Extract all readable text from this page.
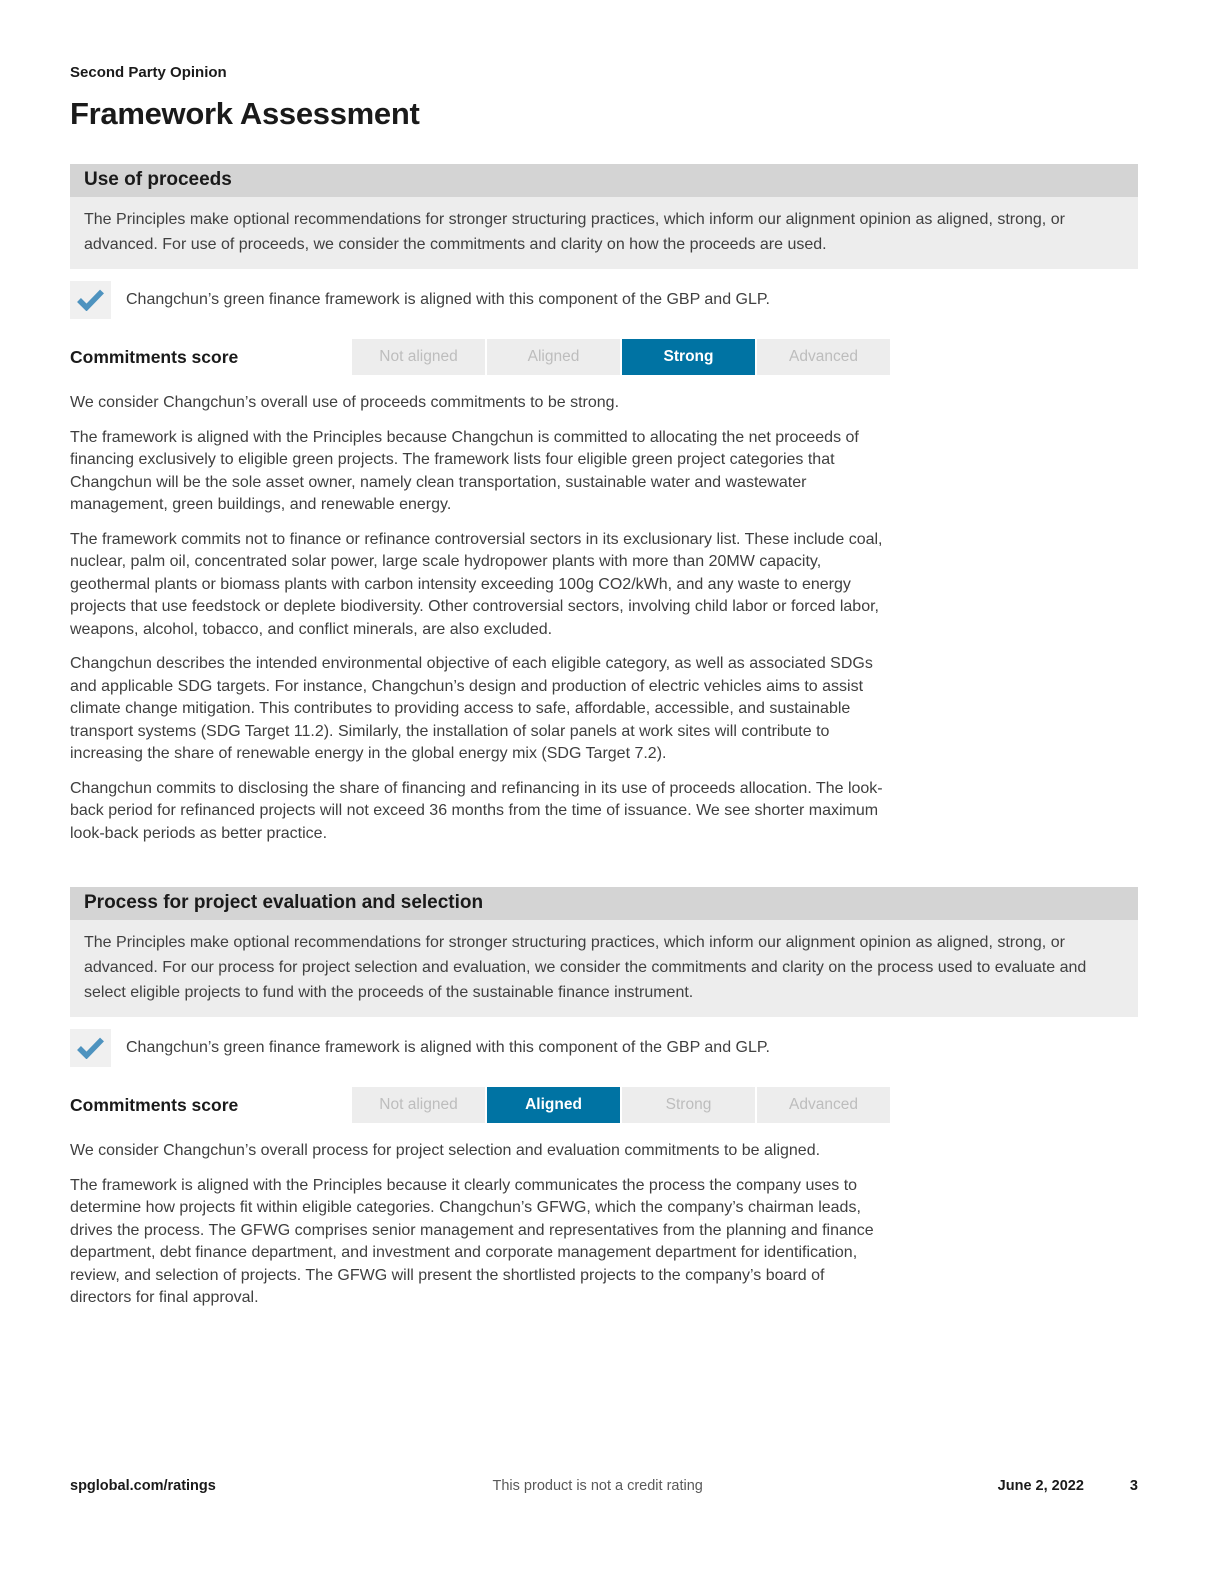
Second Party Opinion
Framework Assessment
Use of proceeds
The Principles make optional recommendations for stronger structuring practices, which inform our alignment opinion as aligned, strong, or advanced. For use of proceeds, we consider the commitments and clarity on how the proceeds are used.
Changchun’s green finance framework is aligned with this component of the GBP and GLP.
Commitments score	Not aligned	Aligned	Strong	Advanced

We consider Changchun’s overall use of proceeds commitments to be strong.

The framework is aligned with the Principles because Changchun is committed to allocating the net proceeds of financing exclusively to eligible green projects. The framework lists four eligible green project categories that Changchun will be the sole asset owner, namely clean transportation, sustainable water and wastewater management, green buildings, and renewable energy.

The framework commits not to finance or refinance controversial sectors in its exclusionary list. These include coal, nuclear, palm oil, concentrated solar power, large scale hydropower plants with more than 20MW capacity, geothermal plants or biomass plants with carbon intensity exceeding 100g CO2/kWh, and any waste to energy projects that use feedstock or deplete biodiversity. Other controversial sectors, involving child labor or forced labor, weapons, alcohol, tobacco, and conflict minerals, are also excluded.

Changchun describes the intended environmental objective of each eligible category, as well as associated SDGs and applicable SDG targets. For instance, Changchun’s design and production of electric vehicles aims to assist climate change mitigation. This contributes to providing access to safe, affordable, accessible, and sustainable transport systems (SDG Target 11.2). Similarly, the installation of solar panels at work sites will contribute to increasing the share of renewable energy in the global energy mix (SDG Target 7.2).

Changchun commits to disclosing the share of financing and refinancing in its use of proceeds allocation. The look-back period for refinanced projects will not exceed 36 months from the time of issuance. We see shorter maximum look-back periods as better practice.

Process for project evaluation and selection
The Principles make optional recommendations for stronger structuring practices, which inform our alignment opinion as aligned, strong, or advanced. For our process for project selection and evaluation, we consider the commitments and clarity on the process used to evaluate and select eligible projects to fund with the proceeds of the sustainable finance instrument.
Changchun’s green finance framework is aligned with this component of the GBP and GLP.
Commitments score	Not aligned	Aligned	Strong	Advanced

We consider Changchun’s overall process for project selection and evaluation commitments to be aligned.

The framework is aligned with the Principles because it clearly communicates the process the company uses to determine how projects fit within eligible categories. Changchun’s GFWG, which the company’s chairman leads, drives the process. The GFWG comprises senior management and representatives from the planning and finance department, debt finance department, and investment and corporate management department for identification, review, and selection of projects. The GFWG will present the shortlisted projects to the company’s board of directors for final approval.

spglobal.com/ratings	This product is not a credit rating	June 2, 2022	3
